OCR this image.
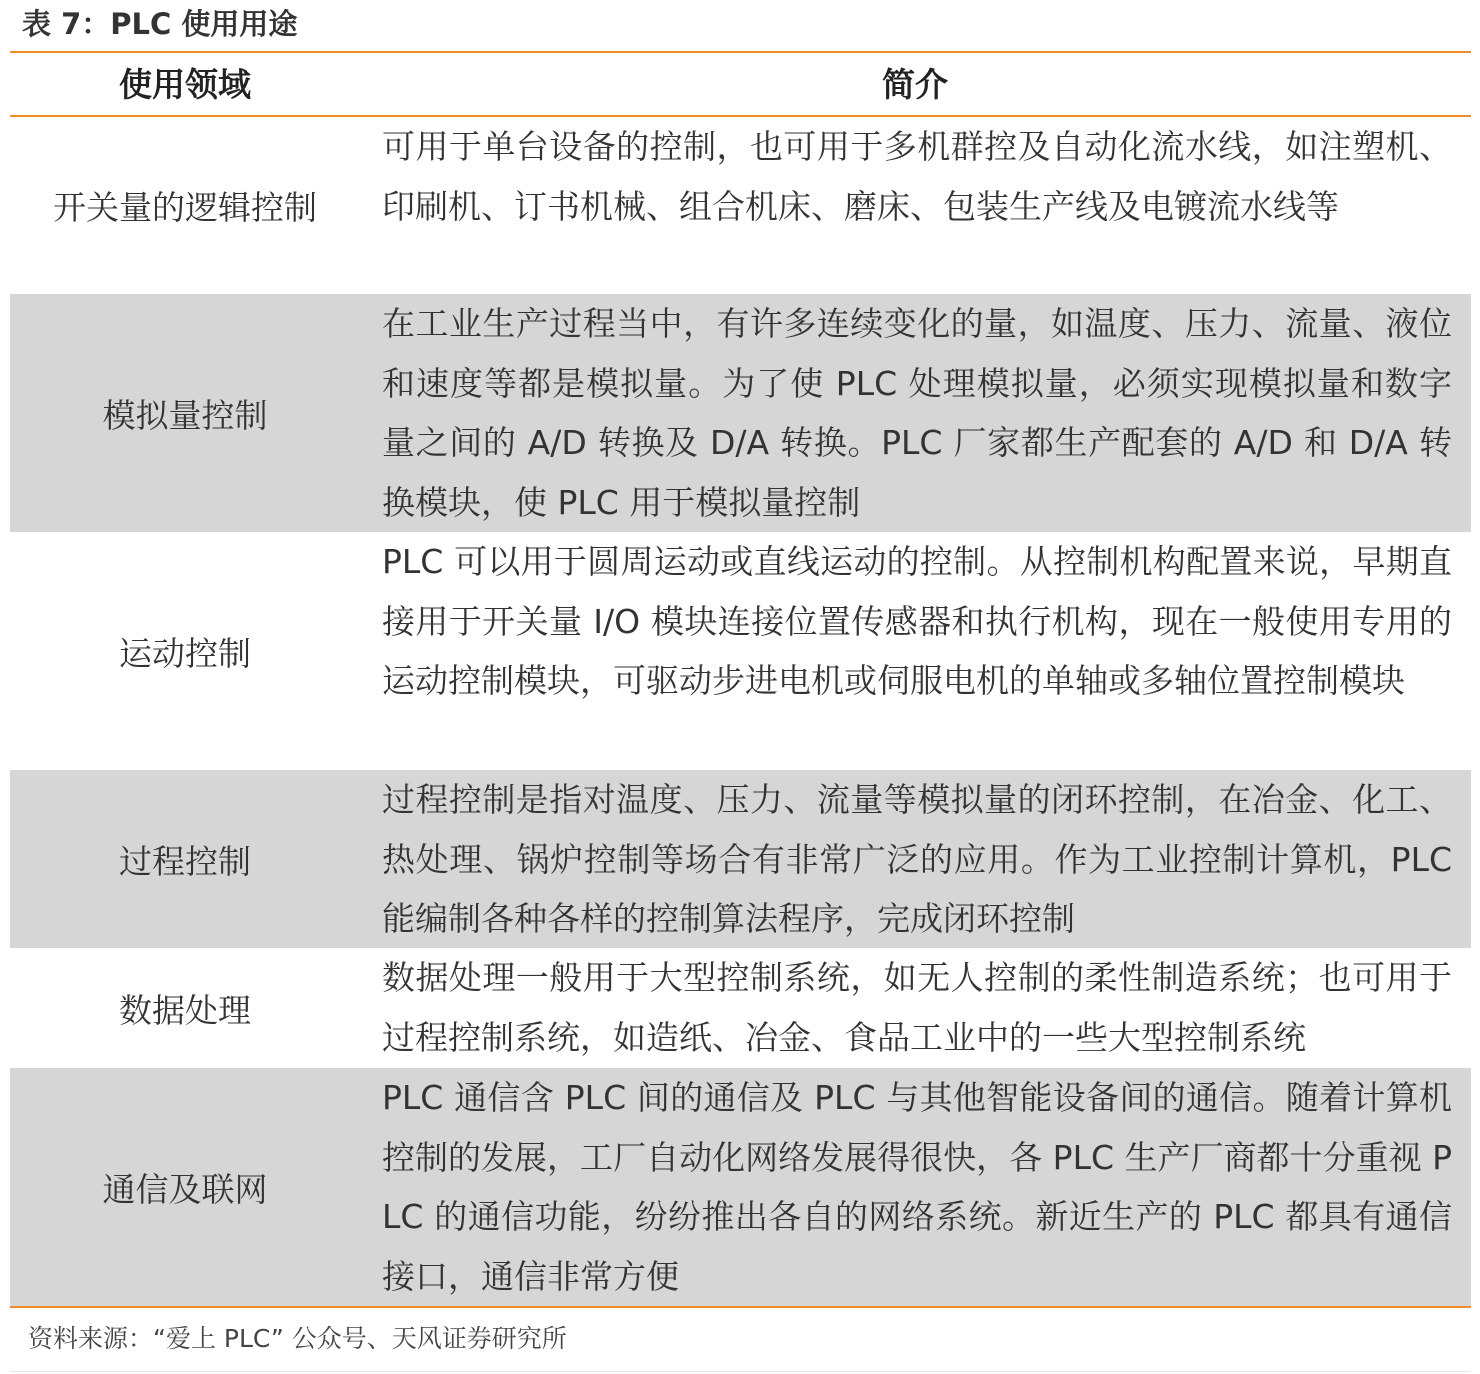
表 7：PLC 使用用途
使用领域	简介
开关量的逻辑控制
可用于单台设备的控制，也可用于多机群控及自动化流水线，如注塑机、印刷机、订书机械、组合机床、磨床、包装生产线及电镀流水线等
模拟量控制
在工业生产过程当中，有许多连续变化的量，如温度、压力、流量、液位和速度等都是模拟量。为了使 PLC 处理模拟量，必须实现模拟量和数字量之间的 A/D 转换及 D/A 转换。PLC 厂家都生产配套的 A/D 和 D/A 转换模块，使 PLC 用于模拟量控制
运动控制
PLC 可以用于圆周运动或直线运动的控制。从控制机构配置来说，早期直接用于开关量 I/O 模块连接位置传感器和执行机构，现在一般使用专用的运动控制模块，可驱动步进电机或伺服电机的单轴或多轴位置控制模块
过程控制
过程控制是指对温度、压力、流量等模拟量的闭环控制，在冶金、化工、热处理、锅炉控制等场合有非常广泛的应用。作为工业控制计算机，PLC 能编制各种各样的控制算法程序，完成闭环控制
数据处理
数据处理一般用于大型控制系统，如无人控制的柔性制造系统；也可用于过程控制系统，如造纸、冶金、食品工业中的一些大型控制系统
通信及联网
PLC 通信含 PLC 间的通信及 PLC 与其他智能设备间的通信。随着计算机控制的发展，工厂自动化网络发展得很快，各 PLC 生产厂商都十分重视 PLC 的通信功能，纷纷推出各自的网络系统。新近生产的 PLC 都具有通信接口，通信非常方便
资料来源：“爱上 PLC” 公众号、天风证券研究所
